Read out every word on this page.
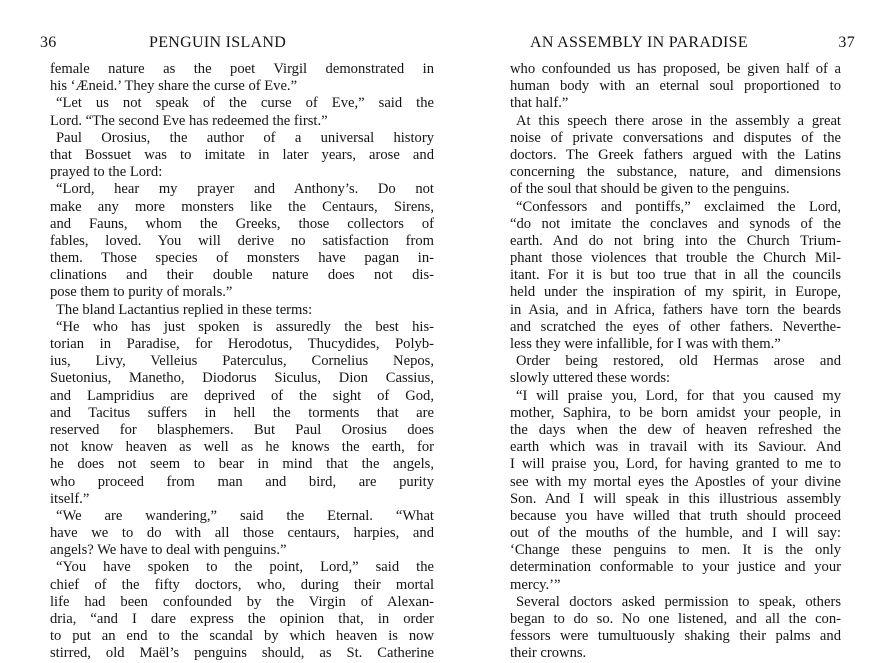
36	PENGUIN ISLAND
female nature as the poet Virgil demonstrated in
his ‘Æneid.’ They share the curse of Eve.”
“Let us not speak of the curse of Eve,” said the
Lord. “The second Eve has redeemed the first.”
Paul Orosius, the author of a universal history
that Bossuet was to imitate in later years, arose and
prayed to the Lord:
“Lord, hear my prayer and Anthony’s. Do not
make any more monsters like the Centaurs, Sirens,
and Fauns, whom the Greeks, those collectors of
fables, loved. You will derive no satisfaction from
them. Those species of monsters have pagan in-
clinations and their double nature does not dis-
pose them to purity of morals.”
The bland Lactantius replied in these terms:
“He who has just spoken is assuredly the best his-
torian in Paradise, for Herodotus, Thucydides, Polyb-
ius, Livy, Velleius Paterculus, Cornelius Nepos,
Suetonius, Manetho, Diodorus Siculus, Dion Cassius,
and Lampridius are deprived of the sight of God,
and Tacitus suffers in hell the torments that are
reserved for blasphemers. But Paul Orosius does
not know heaven as well as he knows the earth, for
he does not seem to bear in mind that the angels,
who proceed from man and bird, are purity
itself.”
“We are wandering,” said the Eternal. “What
have we to do with all those centaurs, harpies, and
angels? We have to deal with penguins.”
“You have spoken to the point, Lord,” said the
chief of the fifty doctors, who, during their mortal
life had been confounded by the Virgin of Alexan-
dria, “and I dare express the opinion that, in order
to put an end to the scandal by which heaven is now
stirred, old Maël’s penguins should, as St. Catherine
AN ASSEMBLY IN PARADISE	37
who confounded us has proposed, be given half of a
human body with an eternal soul proportioned to
that half.”
At this speech there arose in the assembly a great
noise of private conversations and disputes of the
doctors. The Greek fathers argued with the Latins
concerning the substance, nature, and dimensions
of the soul that should be given to the penguins.
“Confessors and pontiffs,” exclaimed the Lord,
“do not imitate the conclaves and synods of the
earth. And do not bring into the Church Trium-
phant those violences that trouble the Church Mil-
itant. For it is but too true that in all the councils
held under the inspiration of my spirit, in Europe,
in Asia, and in Africa, fathers have torn the beards
and scratched the eyes of other fathers. Neverthe-
less they were infallible, for I was with them.”
Order being restored, old Hermas arose and
slowly uttered these words:
“I will praise you, Lord, for that you caused my
mother, Saphira, to be born amidst your people, in
the days when the dew of heaven refreshed the
earth which was in travail with its Saviour. And
I will praise you, Lord, for having granted to me to
see with my mortal eyes the Apostles of your divine
Son. And I will speak in this illustrious assembly
because you have willed that truth should proceed
out of the mouths of the humble, and I will say:
‘Change these penguins to men. It is the only
determination conformable to your justice and your
mercy.’”
Several doctors asked permission to speak, others
began to do so. No one listened, and all the con-
fessors were tumultuously shaking their palms and
their crowns.
